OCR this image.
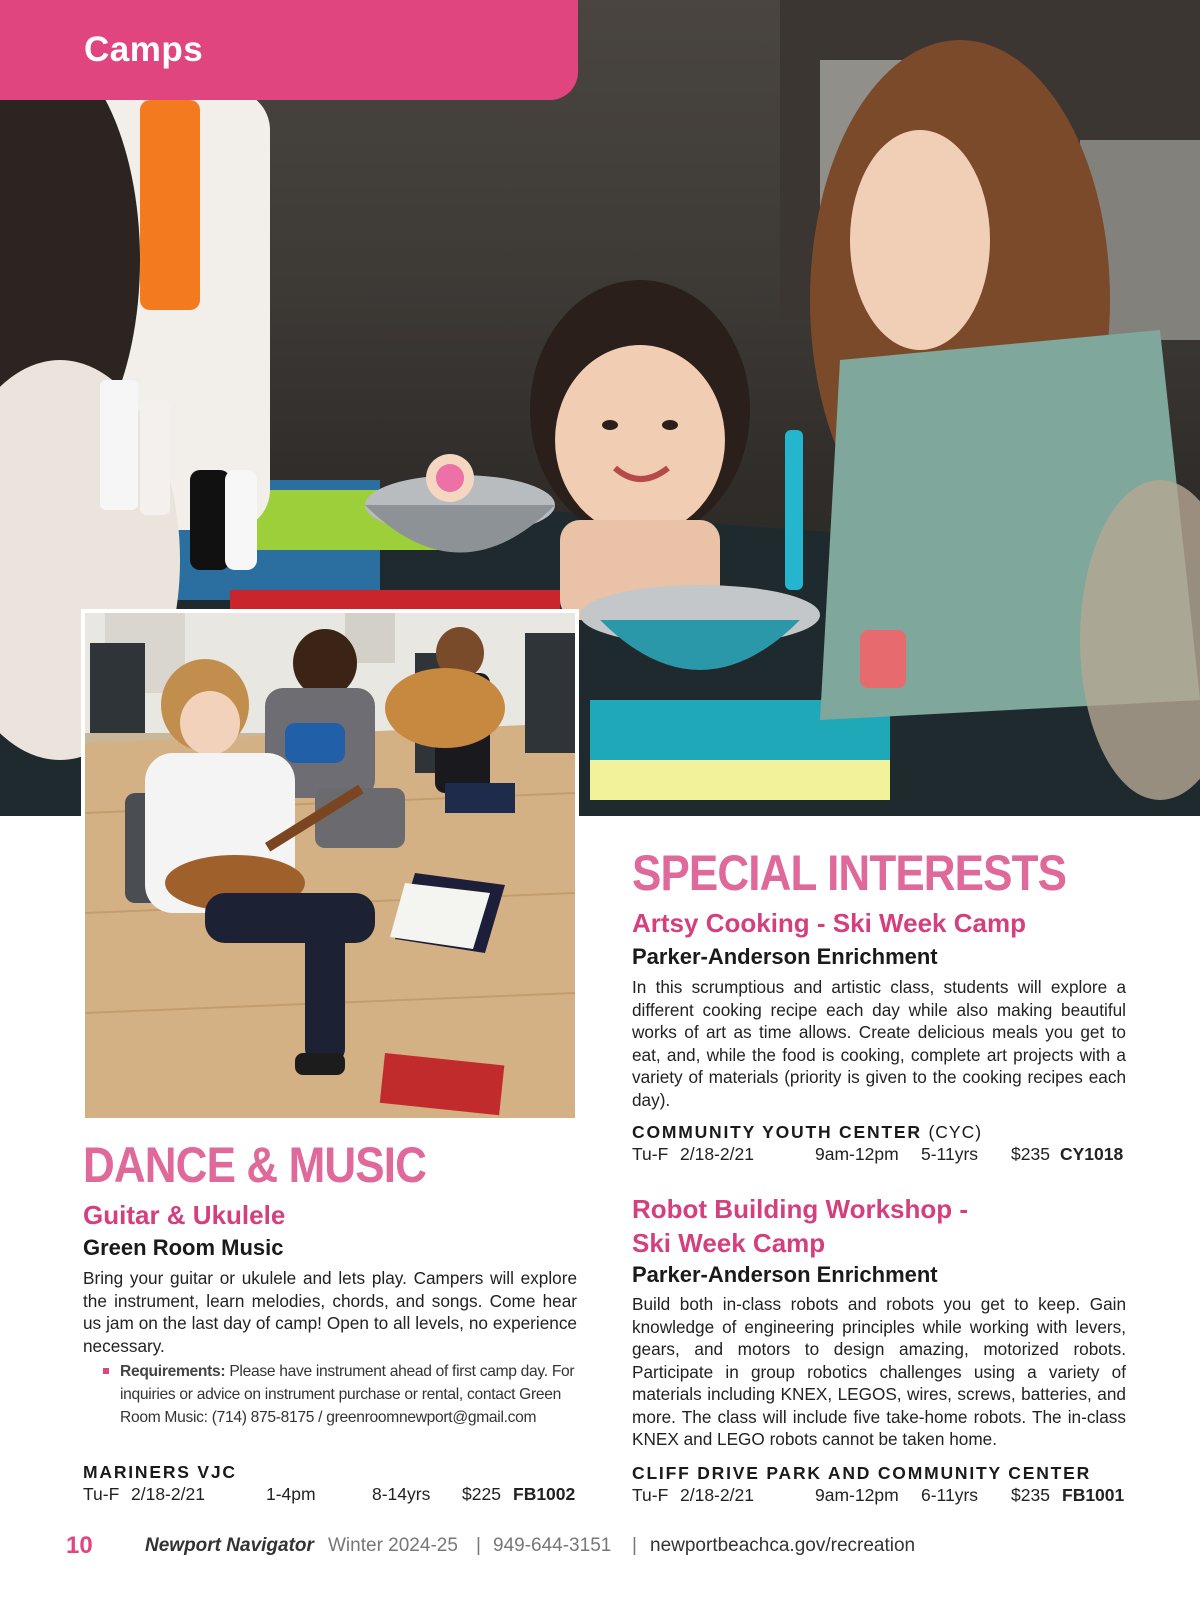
Camps
SPECIAL INTERESTS
Artsy Cooking - Ski Week Camp

Parker-Anderson Enrichment

In this scrumptious and artistic class, students will explore a different cooking recipe each day while also making beautiful works of art as time allows. Create delicious meals you get to eat, and, while the food is cooking, complete art projects with a variety of materials (priority is given to the cooking recipes each day).

COMMUNITY YOUTH CENTER (CYC)

Tu-F 2/18-2/21	9am-12pm 5-11yrs $235 CY1018
Robot Building Workshop -
Ski Week Camp

Parker-Anderson Enrichment

Build both in-class robots and robots you get to keep. Gain knowledge of engineering principles while working with levers, gears, and motors to design amazing, motorized robots. Participate in group robotics challenges using a variety of materials including KNEX, LEGOS, wires, screws, batteries, and more. The class will include five take-home robots. The in-class KNEX and LEGO robots cannot be taken home.

CLIFF DRIVE PARK AND COMMUNITY CENTER

Tu-F 2/18-2/21	9am-12pm 6-11yrs $235 FB1001
DANCE & MUSIC
Guitar & Ukulele

Green Room Music

Bring your guitar or ukulele and lets play. Campers will explore the instrument, learn melodies, chords, and songs. Come hear us jam on the last day of camp! Open to all levels, no experience necessary.

Requirements: Please have instrument ahead of first camp day. For inquiries or advice on instrument purchase or rental, contact Green Room Music: (714) 875-8175 / greenroomnewport@gmail.com

MARINERS VJC

Tu-F 2/18-2/21	1-4pm	8-14yrs $225 FB1002
10	Newport Navigator Winter 2024-25 | 949-644-3151 | newportbeachca.gov/recreation
